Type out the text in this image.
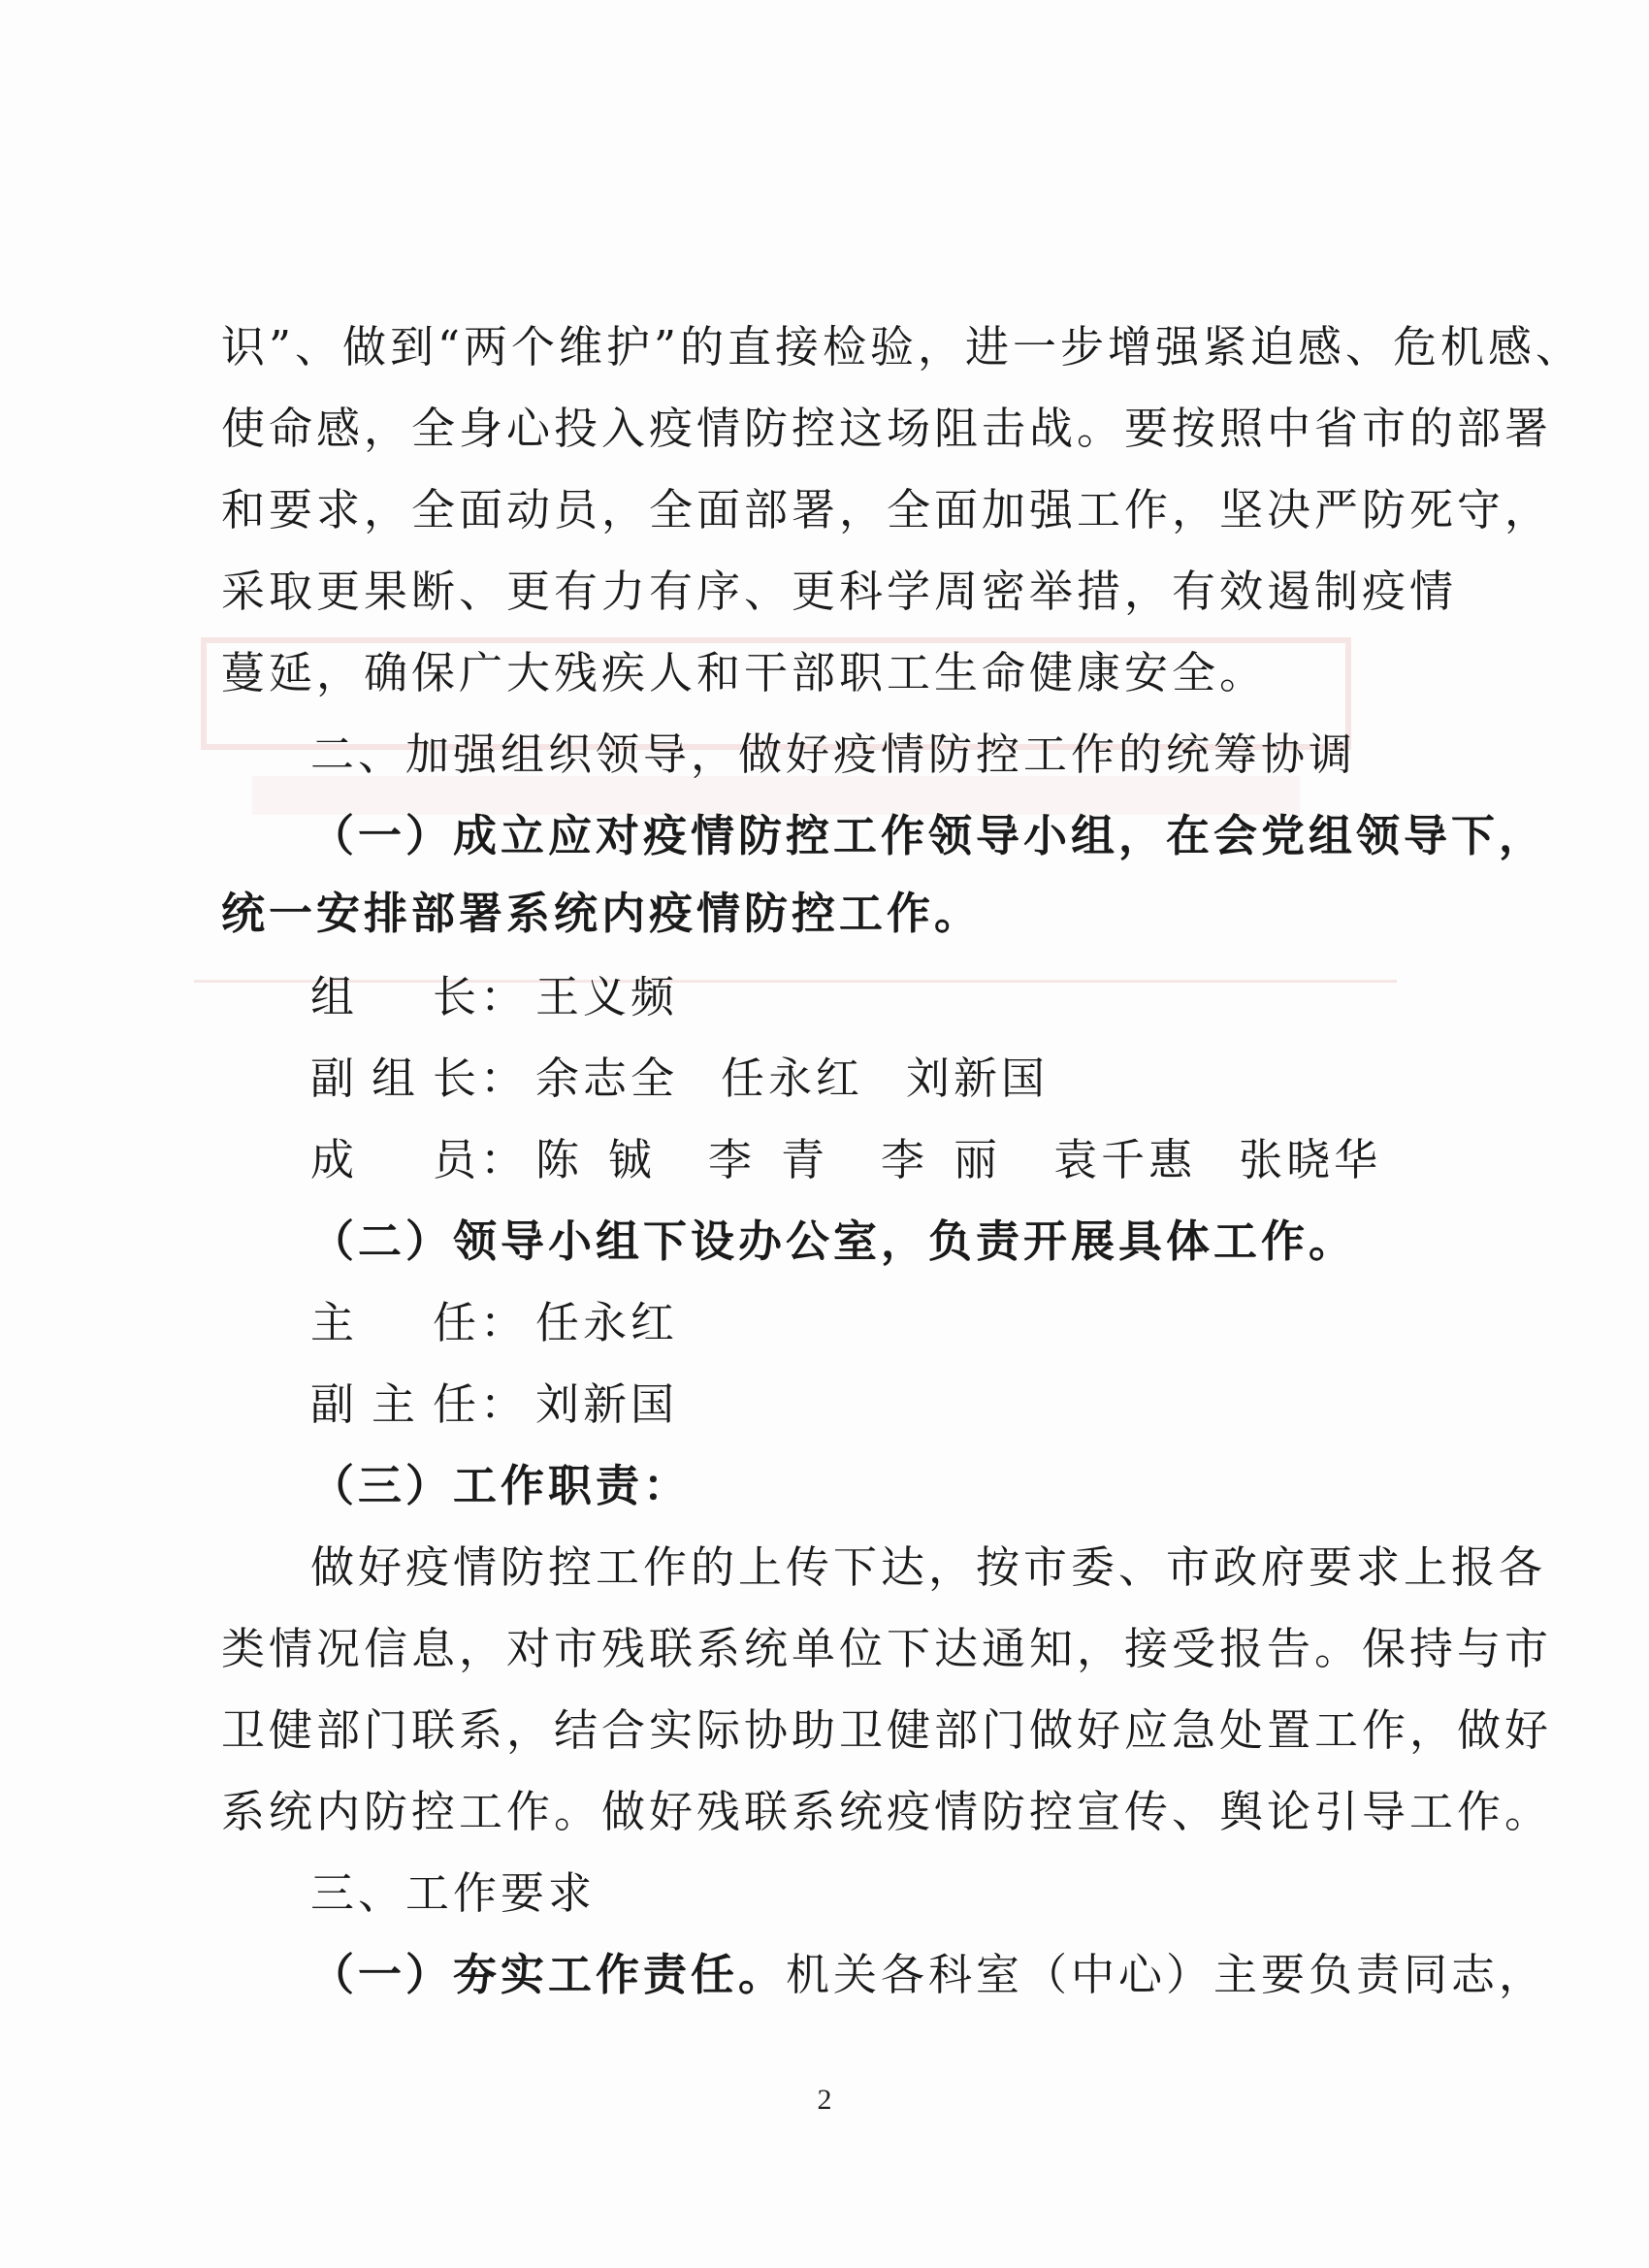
识”、做到“两个维护”的直接检验，进一步增强紧迫感、危机感、
使命感，全身心投入疫情防控这场阻击战。要按照中省市的部署
和要求，全面动员，全面部署，全面加强工作，坚决严防死守，
采取更果断、更有力有序、更科学周密举措，有效遏制疫情
蔓延，确保广大残疾人和干部职工生命健康安全。
二、加强组织领导，做好疫情防控工作的统筹协调
（一）成立应对疫情防控工作领导小组，在会党组领导下，
统一安排部署系统内疫情防控工作。
组长： 王义频
副组长： 余志全 任永红 刘新国
成员： 陈铖 李青 李丽 袁千惠 张晓华
（二）领导小组下设办公室，负责开展具体工作。
主任： 任永红
副主任： 刘新国
（三）工作职责：
做好疫情防控工作的上传下达，按市委、市政府要求上报各
类情况信息，对市残联系统单位下达通知，接受报告。保持与市
卫健部门联系，结合实际协助卫健部门做好应急处置工作，做好
系统内防控工作。做好残联系统疫情防控宣传、舆论引导工作。
三、工作要求
（一）夯实工作责任。机关各科室（中心）主要负责同志，
2
